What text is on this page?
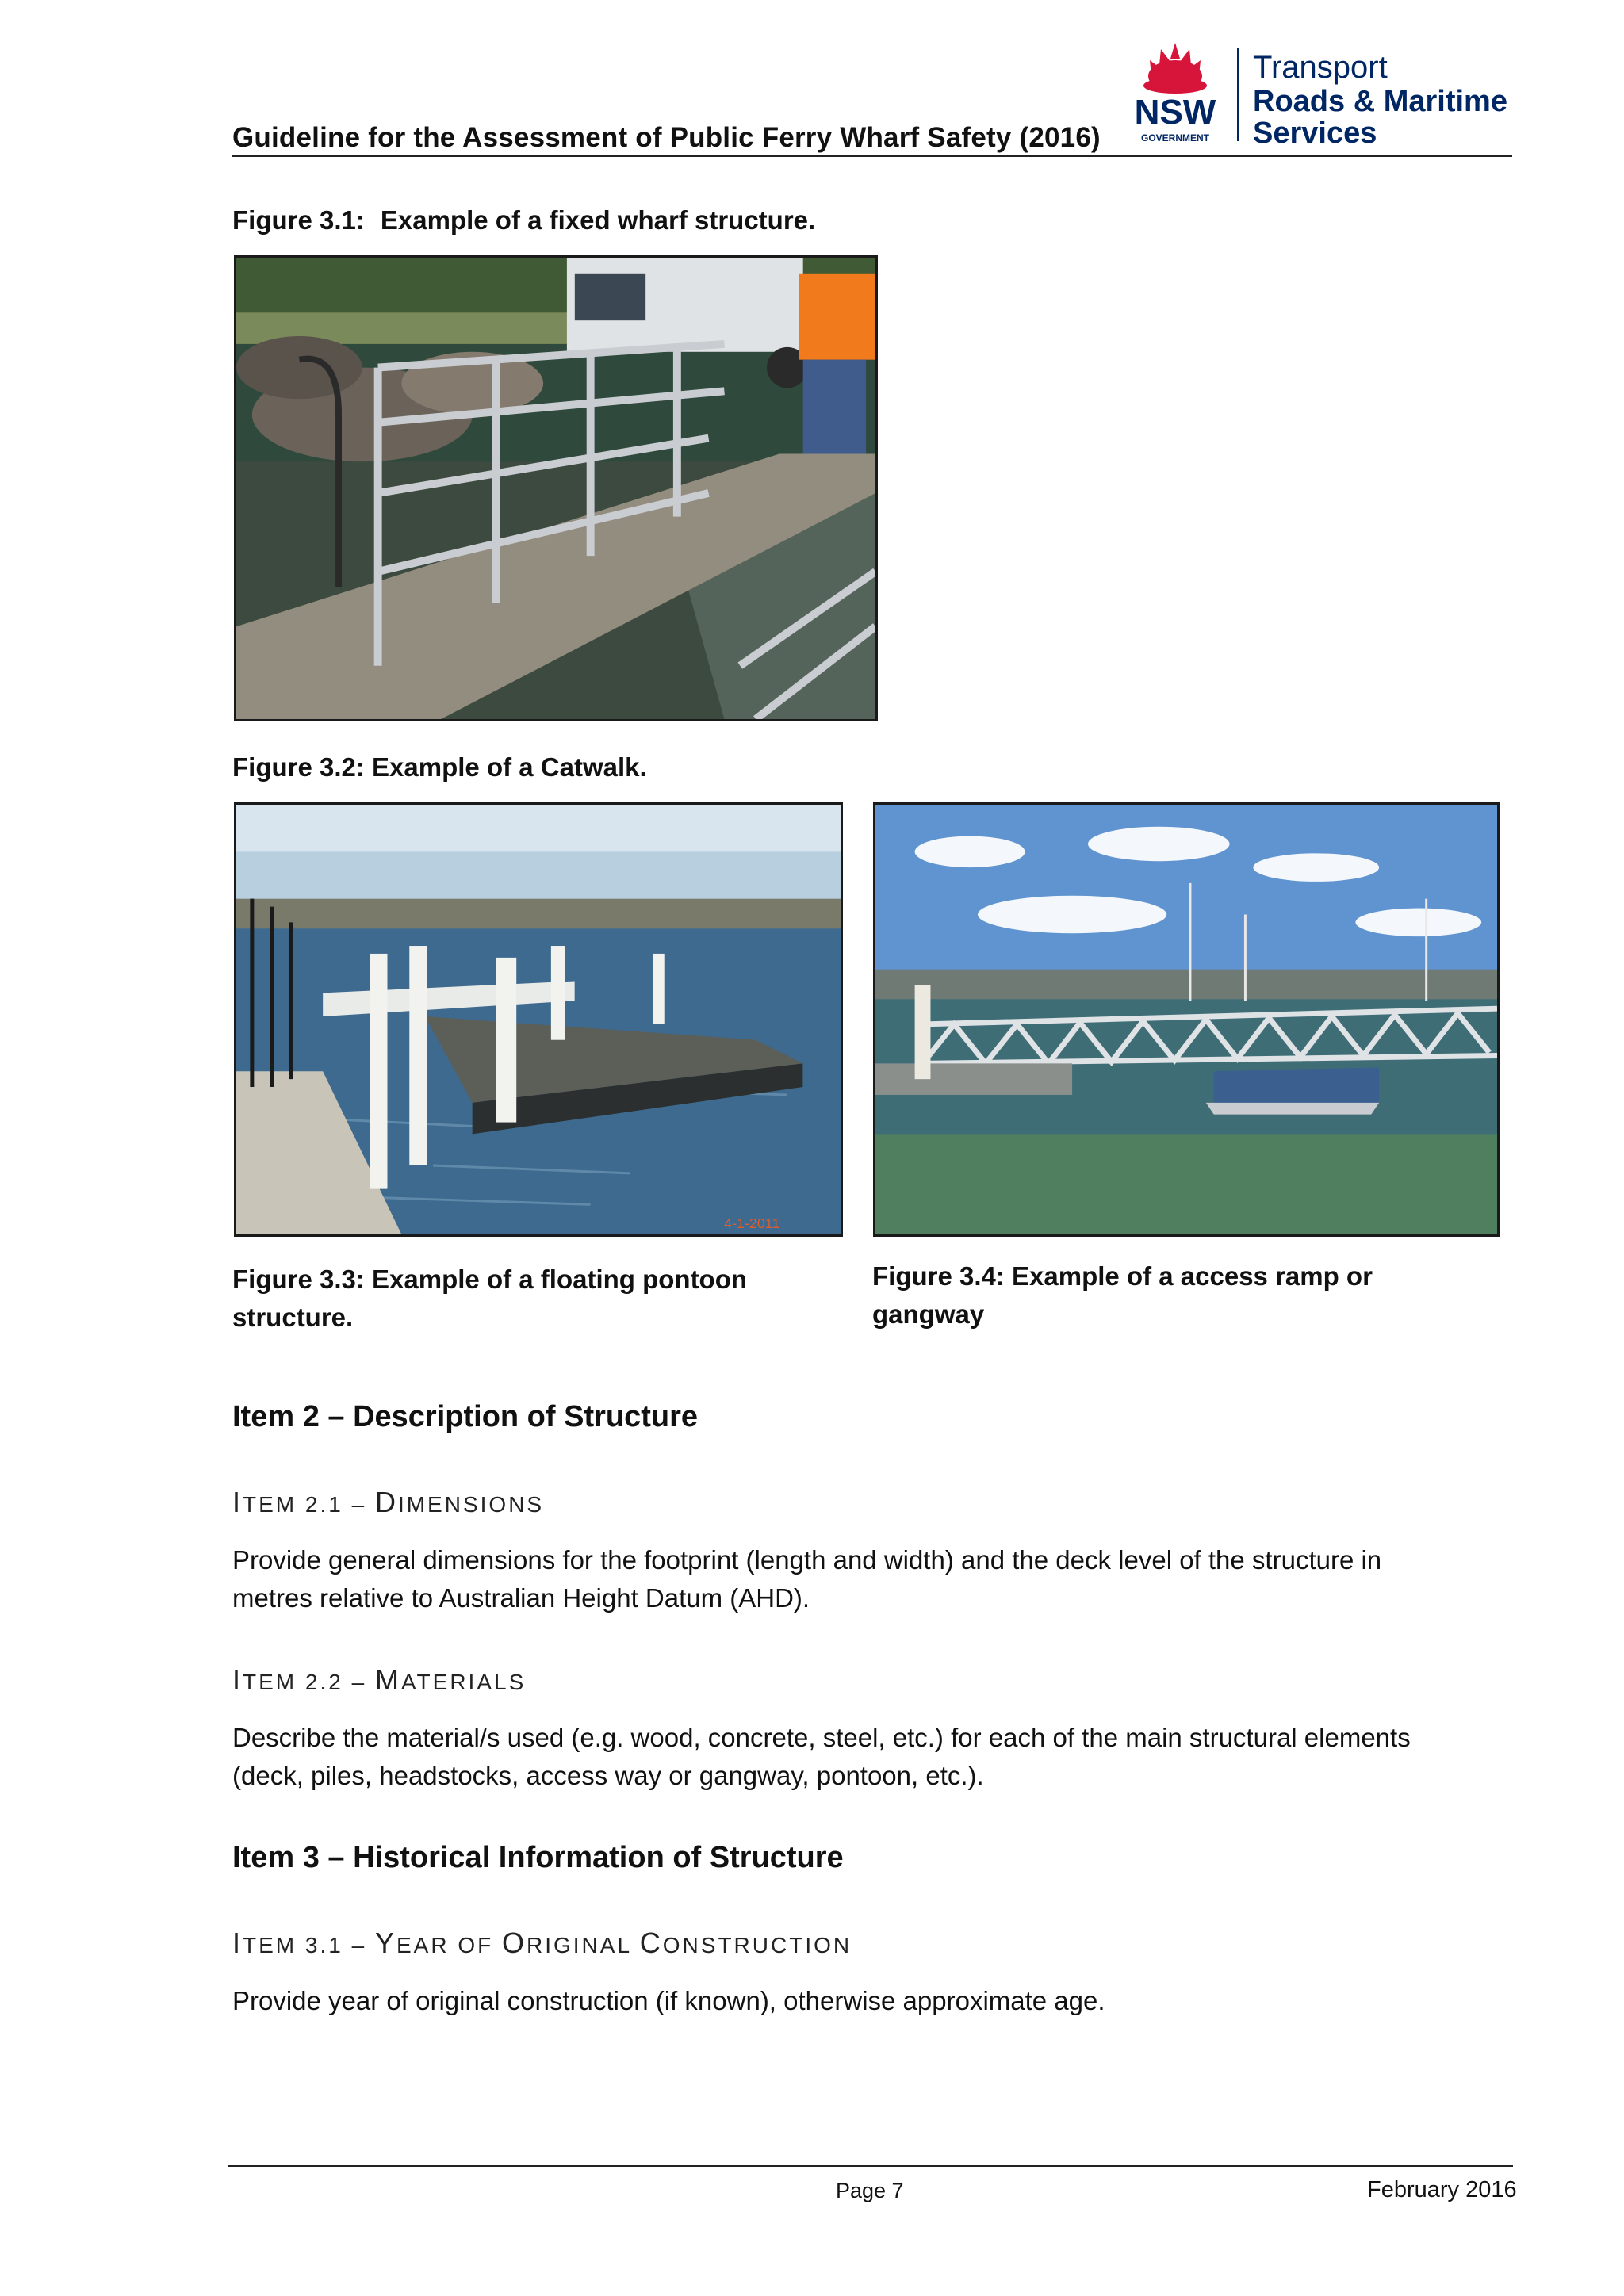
Guideline for the Assessment of Public Ferry Wharf Safety (2016)
NSW
GOVERNMENT
Transport
Roads & Maritime
Services
Figure 3.1: Example of a fixed wharf structure.
Figure 3.2: Example of a Catwalk.
4-1-2011
Figure 3.3: Example of a floating pontoon
structure.
Figure 3.4: Example of a access ramp or
gangway
Item 2 – Description of Structure
ITEM 2.1 – DIMENSIONS
Provide general dimensions for the footprint (length and width) and the deck level of the structure in
metres relative to Australian Height Datum (AHD).
ITEM 2.2 – MATERIALS
Describe the material/s used (e.g. wood, concrete, steel, etc.) for each of the main structural elements
(deck, piles, headstocks, access way or gangway, pontoon, etc.).
Item 3 – Historical Information of Structure
ITEM 3.1 – YEAR OF ORIGINAL CONSTRUCTION
Provide year of original construction (if known), otherwise approximate age.
Page 7	February 2016
